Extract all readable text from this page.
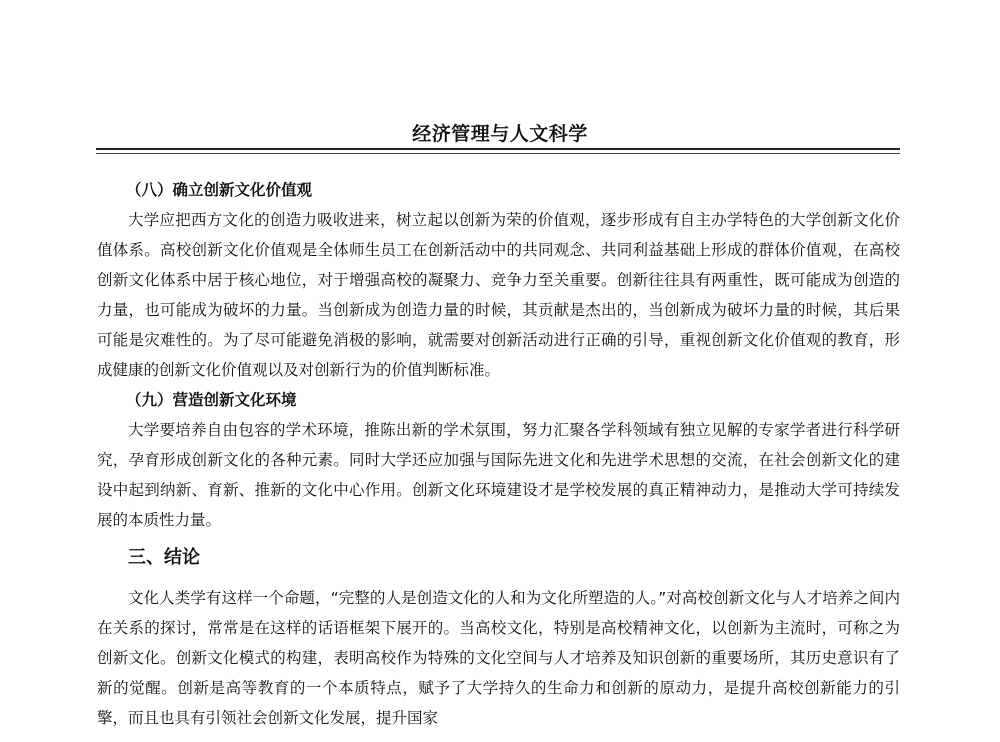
经济管理与人文科学

（八）确立创新文化价值观

大学应把西方文化的创造力吸收进来，树立起以创新为荣的价值观，逐步形成有自主办学特色的大学创新文化价值体系。高校创新文化价值观是全体师生员工在创新活动中的共同观念、共同利益基础上形成的群体价值观，在高校创新文化体系中居于核心地位，对于增强高校的凝聚力、竞争力至关重要。创新往往具有两重性，既可能成为创造的力量，也可能成为破坏的力量。当创新成为创造力量的时候，其贡献是杰出的，当创新成为破坏力量的时候，其后果可能是灾难性的。为了尽可能避免消极的影响，就需要对创新活动进行正确的引导，重视创新文化价值观的教育，形成健康的创新文化价值观以及对创新行为的价值判断标准。

（九）营造创新文化环境

大学要培养自由包容的学术环境，推陈出新的学术氛围，努力汇聚各学科领域有独立见解的专家学者进行科学研究，孕育形成创新文化的各种元素。同时大学还应加强与国际先进文化和先进学术思想的交流，在社会创新文化的建设中起到纳新、育新、推新的文化中心作用。创新文化环境建设才是学校发展的真正精神动力，是推动大学可持续发展的本质性力量。

三、结论

文化人类学有这样一个命题，“完整的人是创造文化的人和为文化所塑造的人。”对高校创新文化与人才培养之间内在关系的探讨，常常是在这样的话语框架下展开的。当高校文化，特别是高校精神文化，以创新为主流时，可称之为创新文化。创新文化模式的构建，表明高校作为特殊的文化空间与人才培养及知识创新的重要场所，其历史意识有了新的觉醒。创新是高等教育的一个本质特点，赋予了大学持久的生命力和创新的原动力，是提升高校创新能力的引擎，而且也具有引领社会创新文化发展，提升国家
